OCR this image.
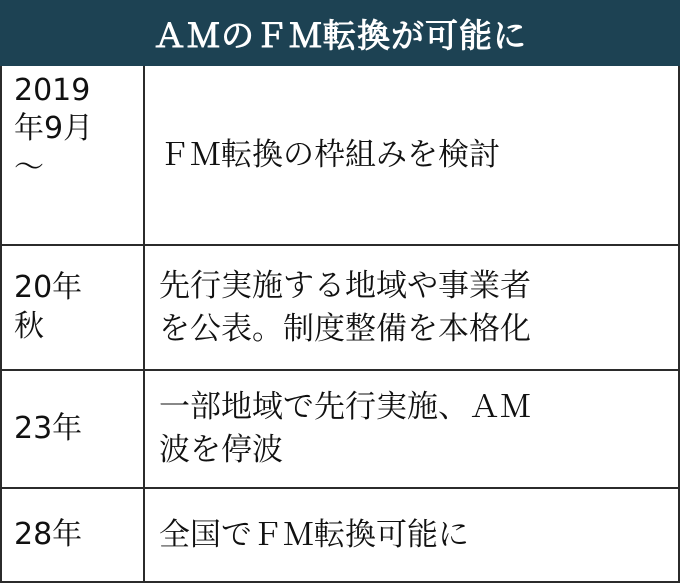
ＡＭのＦＭ転換が可能に
2019
年9月
〜	ＦＭ転換の枠組みを検討
20年
秋
先行実施する地域や事業者
を公表。制度整備を本格化
23年
一部地域で先行実施、ＡＭ
波を停波
28年	全国でＦＭ転換可能に
